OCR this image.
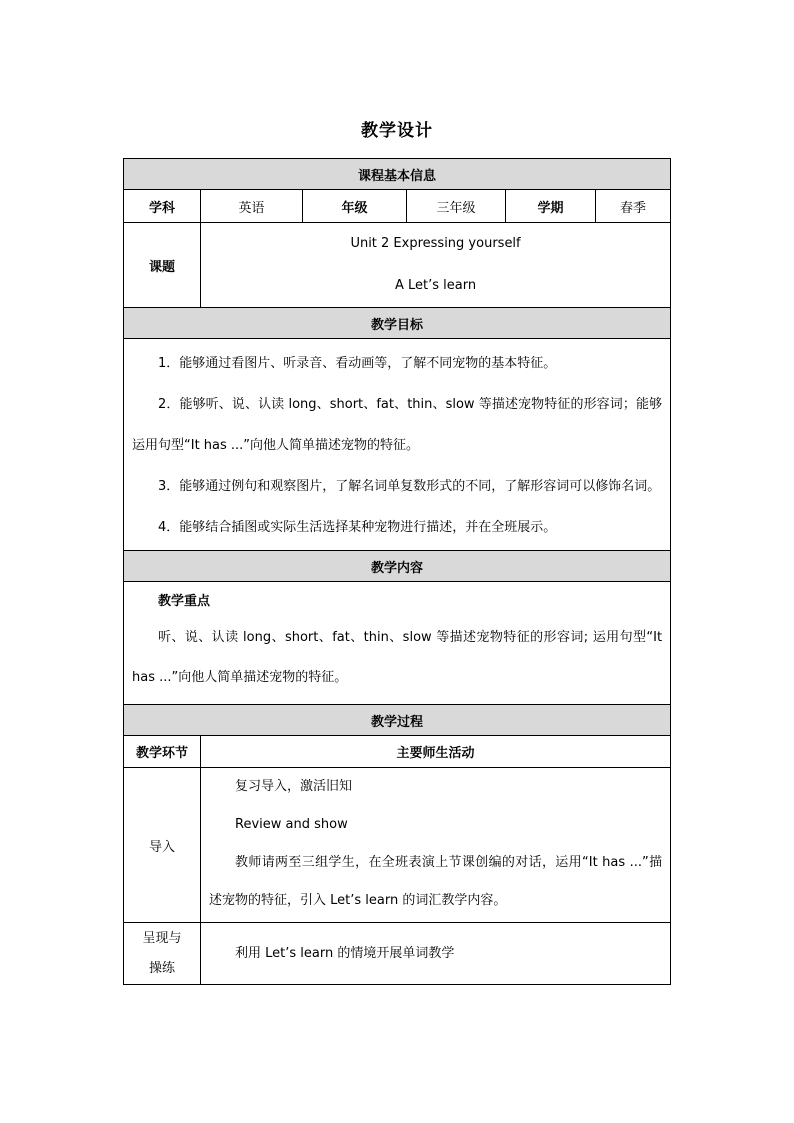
教学设计
课程基本信息					
学科	英语	年级	三年级	学期	春季
课题	Unit 2 Expressing yourself
A Let’s learn				

教学目标					

1．能够通过看图片、听录音、看动画等，了解不同宠物的基本特征。

2．能够听、说、认读 long、short、fat、thin、slow 等描述宠物特征的形容词；能够运用句型“It has ...”向他人简单描述宠物的特征。

3．能够通过例句和观察图片，了解名词单复数形式的不同，了解形容词可以修饰名词。

4．能够结合插图或实际生活选择某种宠物进行描述，并在全班展示。					

教学内容					

教学重点

听、说、认读 long、short、fat、thin、slow 等描述宠物特征的形容词; 运用句型“It has ...”向他人简单描述宠物的特征。					

教学过程					
教学环节	主要师生活动				
导入	复习导入，激活旧知

Review and show

教师请两至三组学生，在全班表演上节课创编的对话，运用“It has ...”描述宠物的特征，引入 Let’s learn 的词汇教学内容。				

呈现与操练	利用 Let’s learn 的情境开展单词教学				
